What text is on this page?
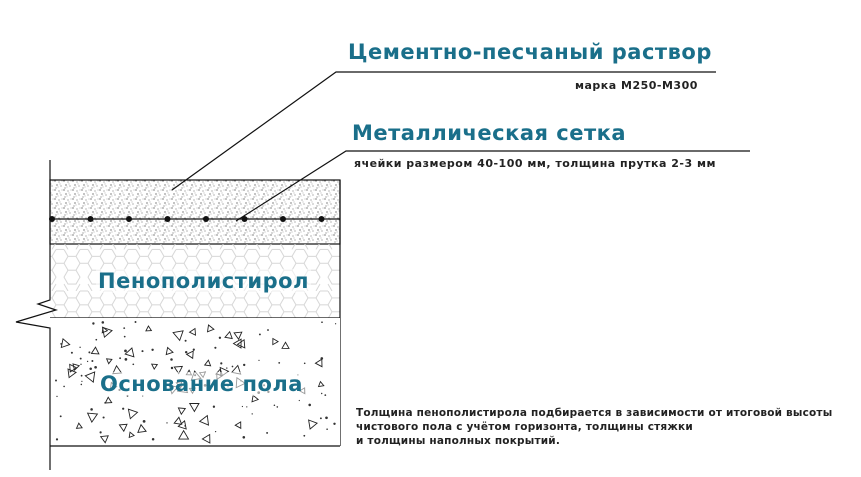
Цементно-песчаный раствор
марка М250-М300
Металлическая сетка
ячейки размером 40-100 мм, толщина прутка 2-3 мм
Пенополистирол
Основание пола
Толщина пенополистирола подбирается в зависимости от итоговой высоты
чистового пола с учётом горизонта, толщины стяжки
и толщины наполных покрытий.
